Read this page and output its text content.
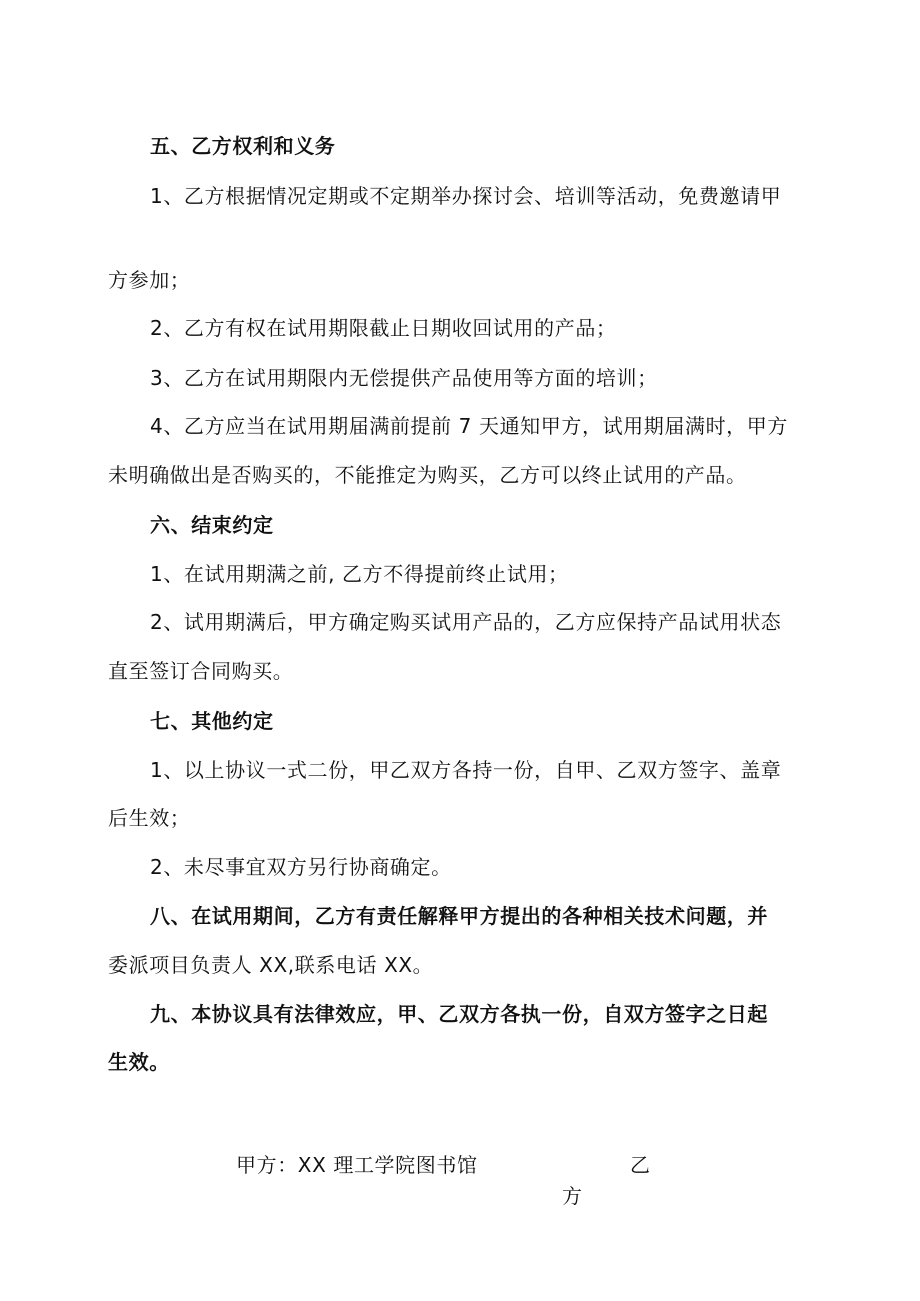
五、乙方权利和义务
1、乙方根据情况定期或不定期举办探讨会、培训等活动，免费邀请甲
方参加；
2、乙方有权在试用期限截止日期收回试用的产品；
3、乙方在试用期限内无偿提供产品使用等方面的培训；
4、乙方应当在试用期届满前提前 7 天通知甲方，试用期届满时，甲方
未明确做出是否购买的，不能推定为购买，乙方可以终止试用的产品。
六、结束约定
1、在试用期满之前, 乙方不得提前终止试用；
2、试用期满后，甲方确定购买试用产品的，乙方应保持产品试用状态
直至签订合同购买。
七、其他约定
1、以上协议一式二份，甲乙双方各持一份，自甲、乙双方签字、盖章
后生效；
2、未尽事宜双方另行协商确定。
八、在试用期间，乙方有责任解释甲方提出的各种相关技术问题，并
委派项目负责人 XX,联系电话 XX。
九、本协议具有法律效应，甲、乙双方各执一份，自双方签字之日起
生效。
甲方：XX 理工学院图书馆	乙
方
